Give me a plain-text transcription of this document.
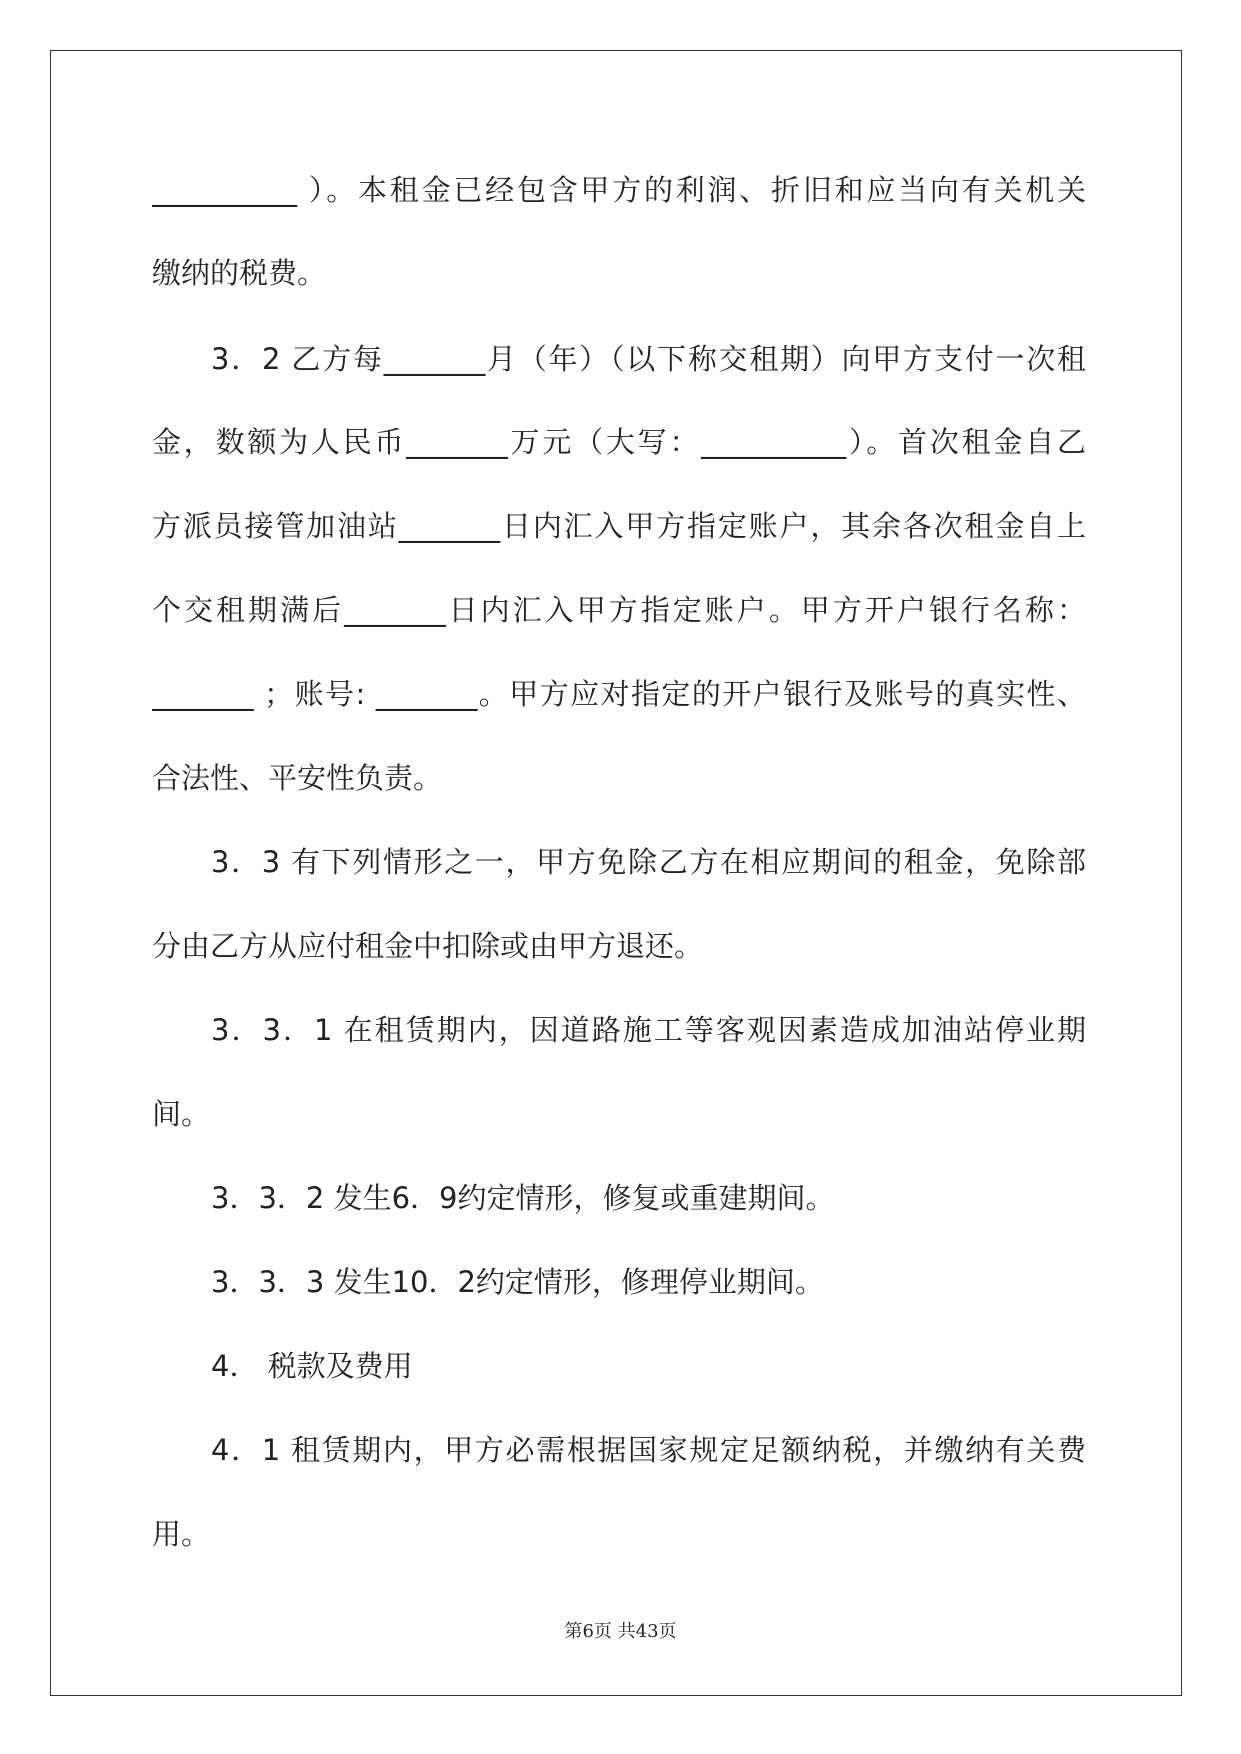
__________ ）。本租金已经包含甲方的利润、折旧和应当向有关机关
缴纳的税费。
3．2 乙方每_______月（年）（以下称交租期）向甲方支付一次租
金，数额为人民币_______万元（大写：__________）。首次租金自乙
方派员接管加油站_______日内汇入甲方指定账户，其余各次租金自上
个交租期满后_______日内汇入甲方指定账户。甲方开户银行名称：
_______ ；账号: _______。甲方应对指定的开户银行及账号的真实性、
合法性、平安性负责。
3．3 有下列情形之一，甲方免除乙方在相应期间的租金，免除部
分由乙方从应付租金中扣除或由甲方退还。
3．3．1 在租赁期内，因道路施工等客观因素造成加油站停业期
间。
3．3．2 发生6．9约定情形，修复或重建期间。
3．3．3 发生10．2约定情形，修理停业期间。
4． 税款及费用
4．1 租赁期内，甲方必需根据国家规定足额纳税，并缴纳有关费
用。
第6页 共43页
